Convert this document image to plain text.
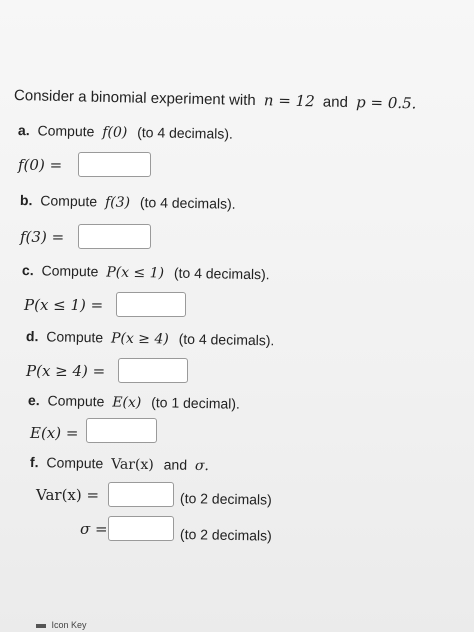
Consider a binomial experiment with n = 12 and p = 0.5.
a. Compute f(0) (to 4 decimals).
f(0) =
b. Compute f(3) (to 4 decimals).
f(3) =
c. Compute P(x ≤ 1) (to 4 decimals).
P(x ≤ 1) =
d. Compute P(x ≥ 4) (to 4 decimals).
P(x ≥ 4) =
e. Compute E(x) (to 1 decimal).
E(x) =
f. Compute Var(x) and σ.
Var(x) =	(to 2 decimals)
σ =	(to 2 decimals)
Icon Key
